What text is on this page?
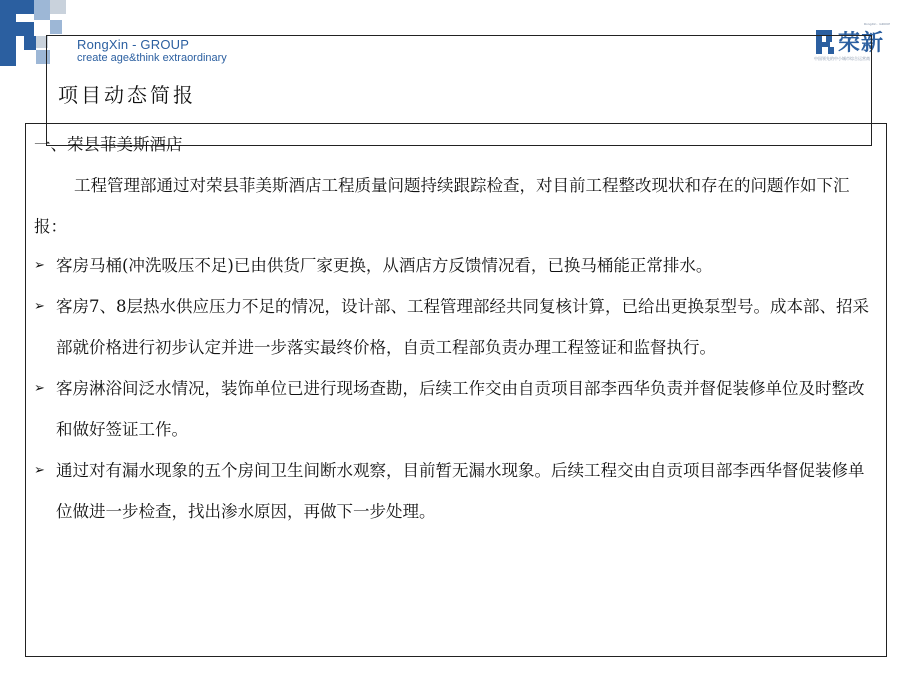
RongXin - GROUP
create age&think extraordinary
RongXin · GROUP
荣新
中国领先的中小城市综合运营商
项目动态简报
一、荣县菲美斯酒店

工程管理部通过对荣县菲美斯酒店工程质量问题持续跟踪检查，对目前工程整改现状和存在的问题作如下汇报：

➢ 客房马桶(冲洗吸压不足)已由供货厂家更换，从酒店方反馈情况看，已换马桶能正常排水。
➢ 客房7、8层热水供应压力不足的情况，设计部、工程管理部经共同复核计算，已给出更换泵型号。成本部、招采部就价格进行初步认定并进一步落实最终价格，自贡工程部负责办理工程签证和监督执行。
➢ 客房淋浴间泛水情况，装饰单位已进行现场查勘，后续工作交由自贡项目部李西华负责并督促装修单位及时整改和做好签证工作。
➢ 通过对有漏水现象的五个房间卫生间断水观察，目前暂无漏水现象。后续工程交由自贡项目部李西华督促装修单位做进一步检查，找出渗水原因，再做下一步处理。
